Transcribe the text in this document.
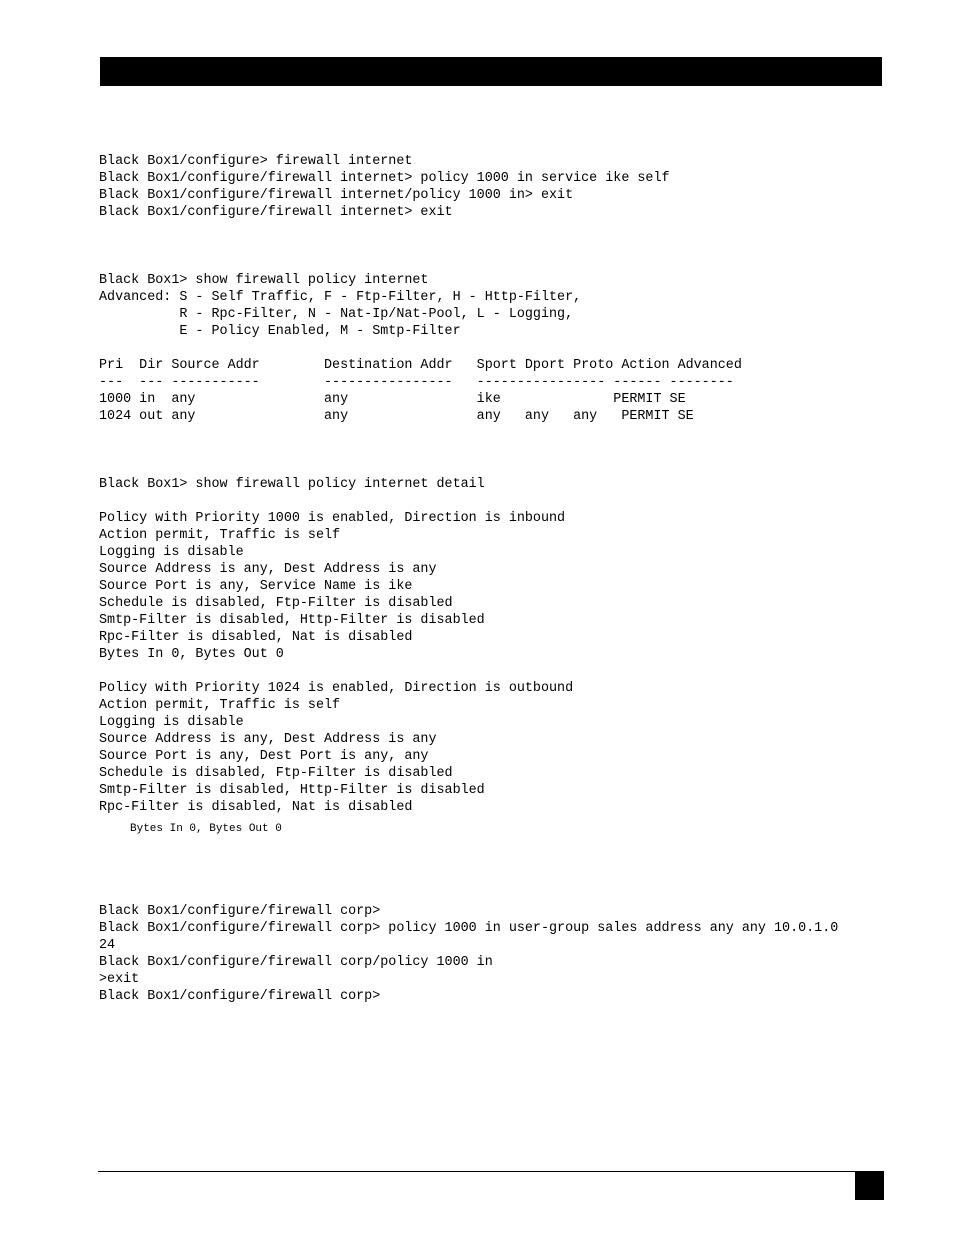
Black Box1/configure> firewall internet
Black Box1/configure/firewall internet> policy 1000 in service ike self
Black Box1/configure/firewall internet/policy 1000 in> exit
Black Box1/configure/firewall internet> exit
Black Box1> show firewall policy internet
Advanced: S - Self Traffic, F - Ftp-Filter, H - Http-Filter,
R - Rpc-Filter, N - Nat-Ip/Nat-Pool, L - Logging,
E - Policy Enabled, M - Smtp-Filter
Pri  Dir Source Addr        Destination Addr   Sport Dport Proto Action Advanced
---  --- -----------        ----------------   ---------------- ------ --------
1000 in  any                any                ike              PERMIT SE
1024 out any                any                any   any   any   PERMIT SE
Black Box1> show firewall policy internet detail
Policy with Priority 1000 is enabled, Direction is inbound
Action permit, Traffic is self
Logging is disable
Source Address is any, Dest Address is any
Source Port is any, Service Name is ike
Schedule is disabled, Ftp-Filter is disabled
Smtp-Filter is disabled, Http-Filter is disabled
Rpc-Filter is disabled, Nat is disabled
Bytes In 0, Bytes Out 0
Policy with Priority 1024 is enabled, Direction is outbound
Action permit, Traffic is self
Logging is disable
Source Address is any, Dest Address is any
Source Port is any, Dest Port is any, any
Schedule is disabled, Ftp-Filter is disabled
Smtp-Filter is disabled, Http-Filter is disabled
Rpc-Filter is disabled, Nat is disabled
Bytes In 0, Bytes Out 0
Black Box1/configure/firewall corp>
Black Box1/configure/firewall corp> policy 1000 in user-group sales address any any 10.0.1.0
24
Black Box1/configure/firewall corp/policy 1000 in
>exit
Black Box1/configure/firewall corp>
